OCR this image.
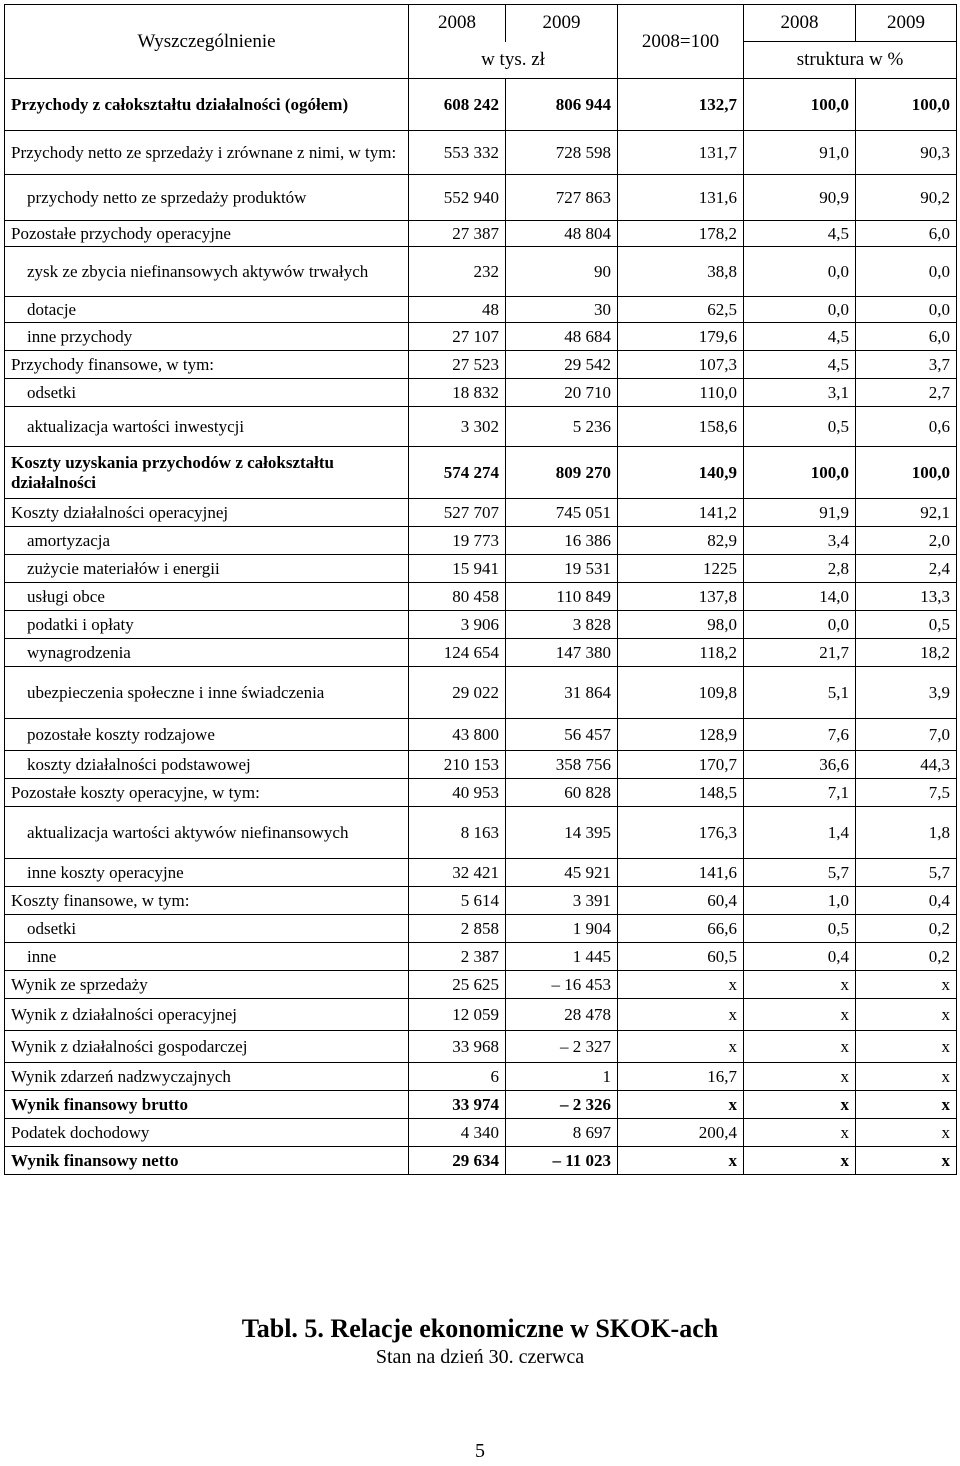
Wyszczególnienie	2008	2009	2008=100	2008	2009
	w tys. zł			struktura w %	
Przychody z całokształtu działalności (ogółem)	608 242	806 944	132,7	100,0	100,0
Przychody netto ze sprzedaży i zrównane z nimi, w tym:	553 332	728 598	131,7	91,0	90,3
przychody netto ze sprzedaży produktów	552 940	727 863	131,6	90,9	90,2
Pozostałe przychody operacyjne	27 387	48 804	178,2	4,5	6,0
zysk ze zbycia niefinansowych aktywów trwałych	232	90	38,8	0,0	0,0
dotacje	48	30	62,5	0,0	0,0
inne przychody	27 107	48 684	179,6	4,5	6,0
Przychody finansowe, w tym:	27 523	29 542	107,3	4,5	3,7
odsetki	18 832	20 710	110,0	3,1	2,7
aktualizacja wartości inwestycji	3 302	5 236	158,6	0,5	0,6
Koszty uzyskania przychodów z całokształtu działalności	574 274	809 270	140,9	100,0	100,0
Koszty działalności operacyjnej	527 707	745 051	141,2	91,9	92,1
amortyzacja	19 773	16 386	82,9	3,4	2,0
zużycie materiałów i energii	15 941	19 531	1225	2,8	2,4
usługi obce	80 458	110 849	137,8	14,0	13,3
podatki i opłaty	3 906	3 828	98,0	0,0	0,5
wynagrodzenia	124 654	147 380	118,2	21,7	18,2
ubezpieczenia społeczne i inne świadczenia	29 022	31 864	109,8	5,1	3,9
pozostałe koszty rodzajowe	43 800	56 457	128,9	7,6	7,0
koszty działalności podstawowej	210 153	358 756	170,7	36,6	44,3
Pozostałe koszty operacyjne, w tym:	40 953	60 828	148,5	7,1	7,5
aktualizacja wartości aktywów niefinansowych	8 163	14 395	176,3	1,4	1,8
inne koszty operacyjne	32 421	45 921	141,6	5,7	5,7
Koszty finansowe, w tym:	5 614	3 391	60,4	1,0	0,4
odsetki	2 858	1 904	66,6	0,5	0,2
inne	2 387	1 445	60,5	0,4	0,2
Wynik ze sprzedaży	25 625	– 16 453	x	x	x
Wynik z działalności operacyjnej	12 059	28 478	x	x	x
Wynik z działalności gospodarczej	33 968	– 2 327	x	x	x
Wynik zdarzeń nadzwyczajnych	6	1	16,7	x	x
Wynik finansowy brutto	33 974	– 2 326	x	x	x
Podatek dochodowy	4 340	8 697	200,4	x	x
Wynik finansowy netto	29 634	– 11 023	x	x	x
Tabl. 5. Relacje ekonomiczne w SKOK-ach
Stan na dzień 30. czerwca
5
